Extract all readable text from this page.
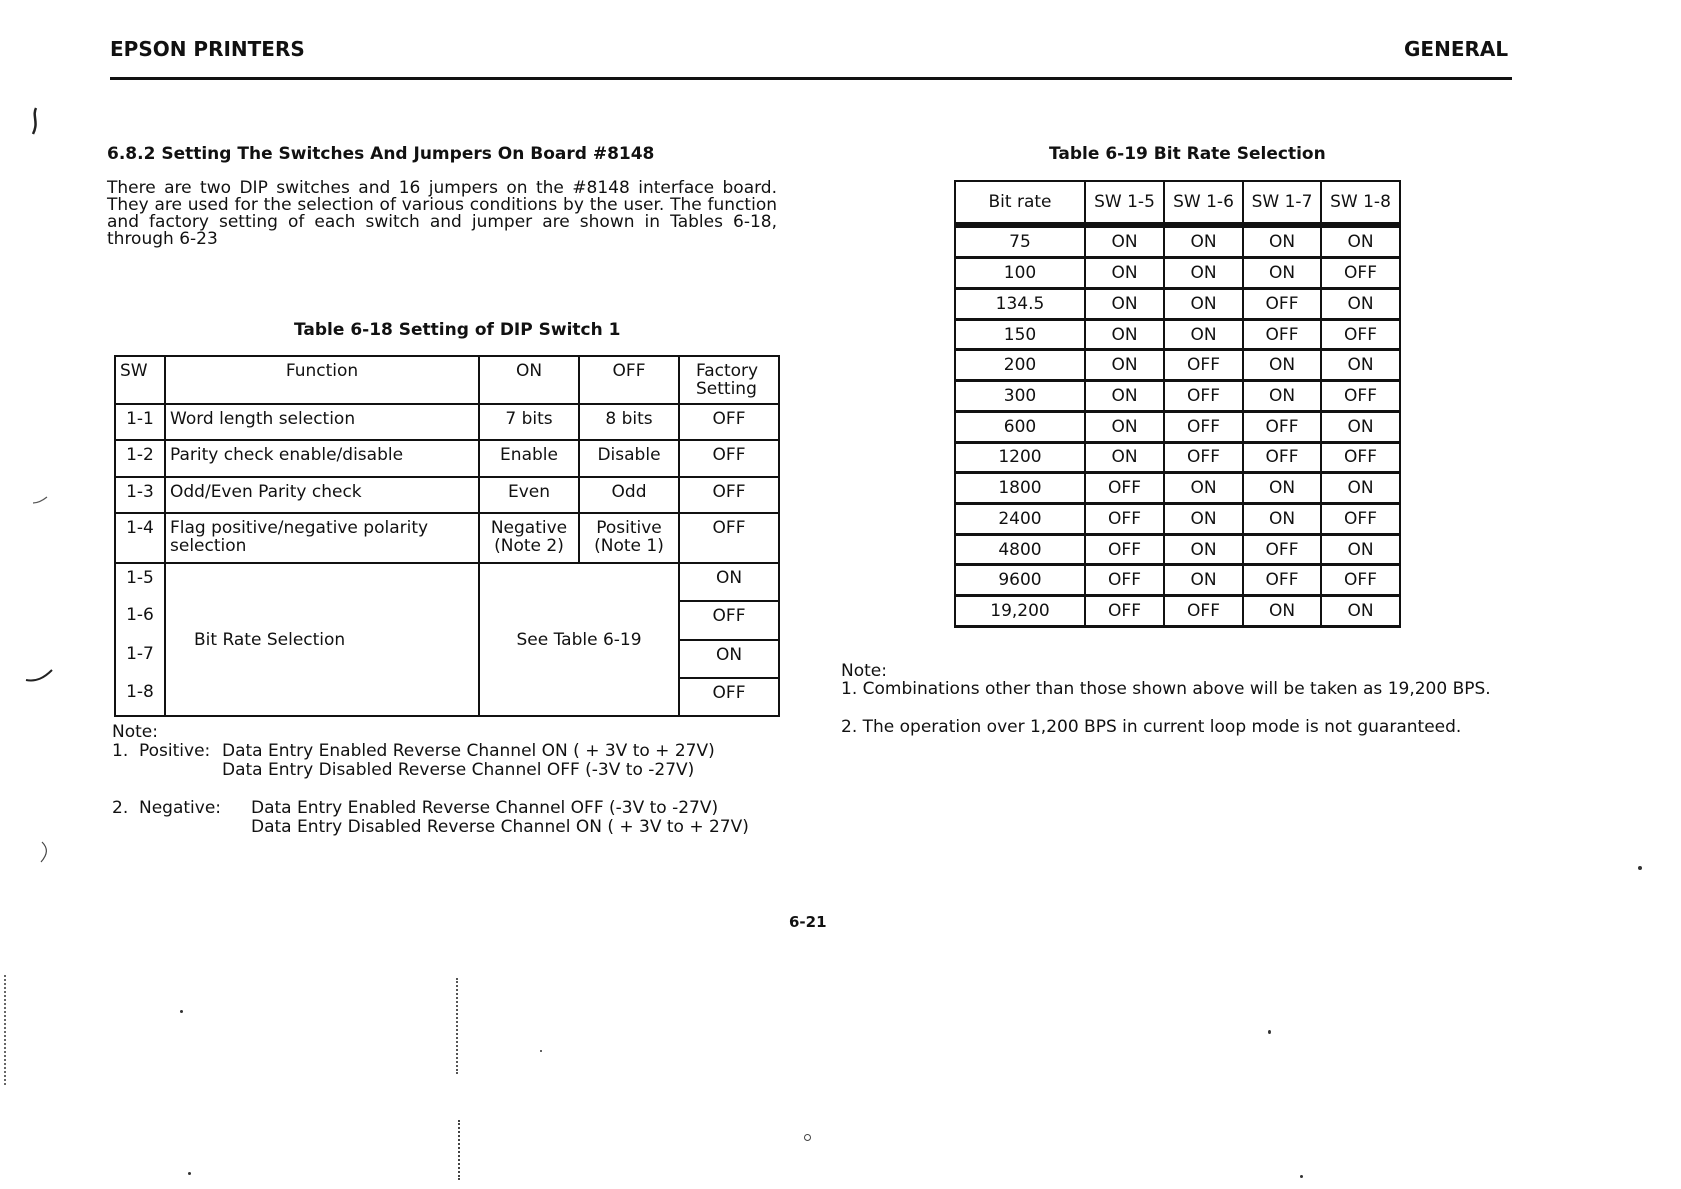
EPSON PRINTERS	GENERAL
6.8.2 Setting The Switches And Jumpers On Board #8148
There are two DIP switches and 16 jumpers on the #8148 interface board. They are used for the selection of various conditions by the user. The function and factory setting of each switch and jumper are shown in Tables 6-18, through 6-23
Table 6-18 Setting of DIP Switch 1
SW	Function	ON	OFF	Factory Setting
1-1	Word length selection	7 bits	8 bits	OFF
1-2	Parity check enable/disable	Enable	Disable	OFF
1-3	Odd/Even Parity check	Even	Odd	OFF
1-4	Flag positive/negative polarity selection	Negative (Note 2)	Positive (Note 1)	OFF
1-5	Bit Rate Selection	See Table 6-19		ON
1-6				OFF
1-7				ON
1-8				OFF
Note:
1. Positive: Data Entry Enabled Reverse Channel ON ( + 3V to + 27V)
Data Entry Disabled Reverse Channel OFF (-3V to -27V)
2. Negative: Data Entry Enabled Reverse Channel OFF (-3V to -27V)
Data Entry Disabled Reverse Channel ON ( + 3V to + 27V)
Table 6-19 Bit Rate Selection
Bit rate	SW 1-5	SW 1-6	SW 1-7	SW 1-8
75	ON	ON	ON	ON
100	ON	ON	ON	OFF
134.5	ON	ON	OFF	ON
150	ON	ON	OFF	OFF
200	ON	OFF	ON	ON
300	ON	OFF	ON	OFF
600	ON	OFF	OFF	ON
1200	ON	OFF	OFF	OFF
1800	OFF	ON	ON	ON
2400	OFF	ON	ON	OFF
4800	OFF	ON	OFF	ON
9600	OFF	ON	OFF	OFF
19,200	OFF	OFF	ON	ON
Note:
1. Combinations other than those shown above will be taken as 19,200 BPS.
2. The operation over 1,200 BPS in current loop mode is not guaranteed.
6-21
